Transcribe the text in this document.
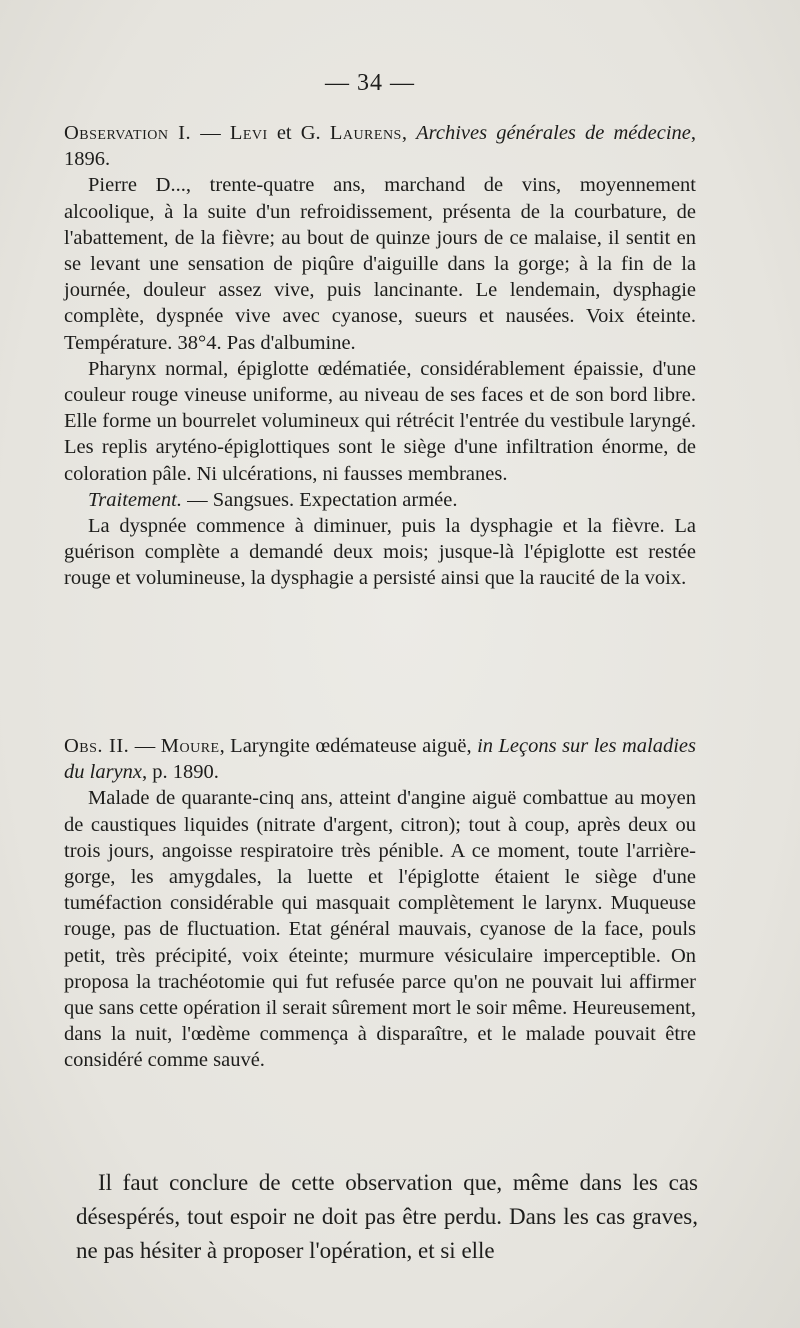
— 34 —

Observation I. — Levi et G. Laurens, Archives générales de médecine, 1896.

Pierre D..., trente-quatre ans, marchand de vins, moyennement alcoolique, à la suite d'un refroidissement, présenta de la courbature, de l'abattement, de la fièvre; au bout de quinze jours de ce malaise, il sentit en se levant une sensation de piqûre d'aiguille dans la gorge; à la fin de la journée, douleur assez vive, puis lancinante. Le lendemain, dysphagie complète, dyspnée vive avec cyanose, sueurs et nausées. Voix éteinte. Température. 38°4. Pas d'albumine.

Pharynx normal, épiglotte œdématiée, considérablement épaissie, d'une couleur rouge vineuse uniforme, au niveau de ses faces et de son bord libre. Elle forme un bourrelet volumineux qui rétrécit l'entrée du vestibule laryngé. Les replis aryténo-épiglottiques sont le siège d'une infiltration énorme, de coloration pâle. Ni ulcérations, ni fausses membranes.

Traitement. — Sangsues. Expectation armée.

La dyspnée commence à diminuer, puis la dysphagie et la fièvre. La guérison complète a demandé deux mois; jusque-là l'épiglotte est restée rouge et volumineuse, la dysphagie a persisté ainsi que la raucité de la voix.

Obs. II. — Moure, Laryngite œdémateuse aiguë, in Leçons sur les maladies du larynx, p. 1890.

Malade de quarante-cinq ans, atteint d'angine aiguë combattue au moyen de caustiques liquides (nitrate d'argent, citron); tout à coup, après deux ou trois jours, angoisse respiratoire très pénible. A ce moment, toute l'arrière-gorge, les amygdales, la luette et l'épiglotte étaient le siège d'une tuméfaction considérable qui masquait complètement le larynx. Muqueuse rouge, pas de fluctuation. Etat général mauvais, cyanose de la face, pouls petit, très précipité, voix éteinte; murmure vésiculaire imperceptible. On proposa la trachéotomie qui fut refusée parce qu'on ne pouvait lui affirmer que sans cette opération il serait sûrement mort le soir même. Heureusement, dans la nuit, l'œdème commença à disparaître, et le malade pouvait être considéré comme sauvé.

Il faut conclure de cette observation que, même dans les cas désespérés, tout espoir ne doit pas être perdu. Dans les cas graves, ne pas hésiter à proposer l'opération, et si elle
